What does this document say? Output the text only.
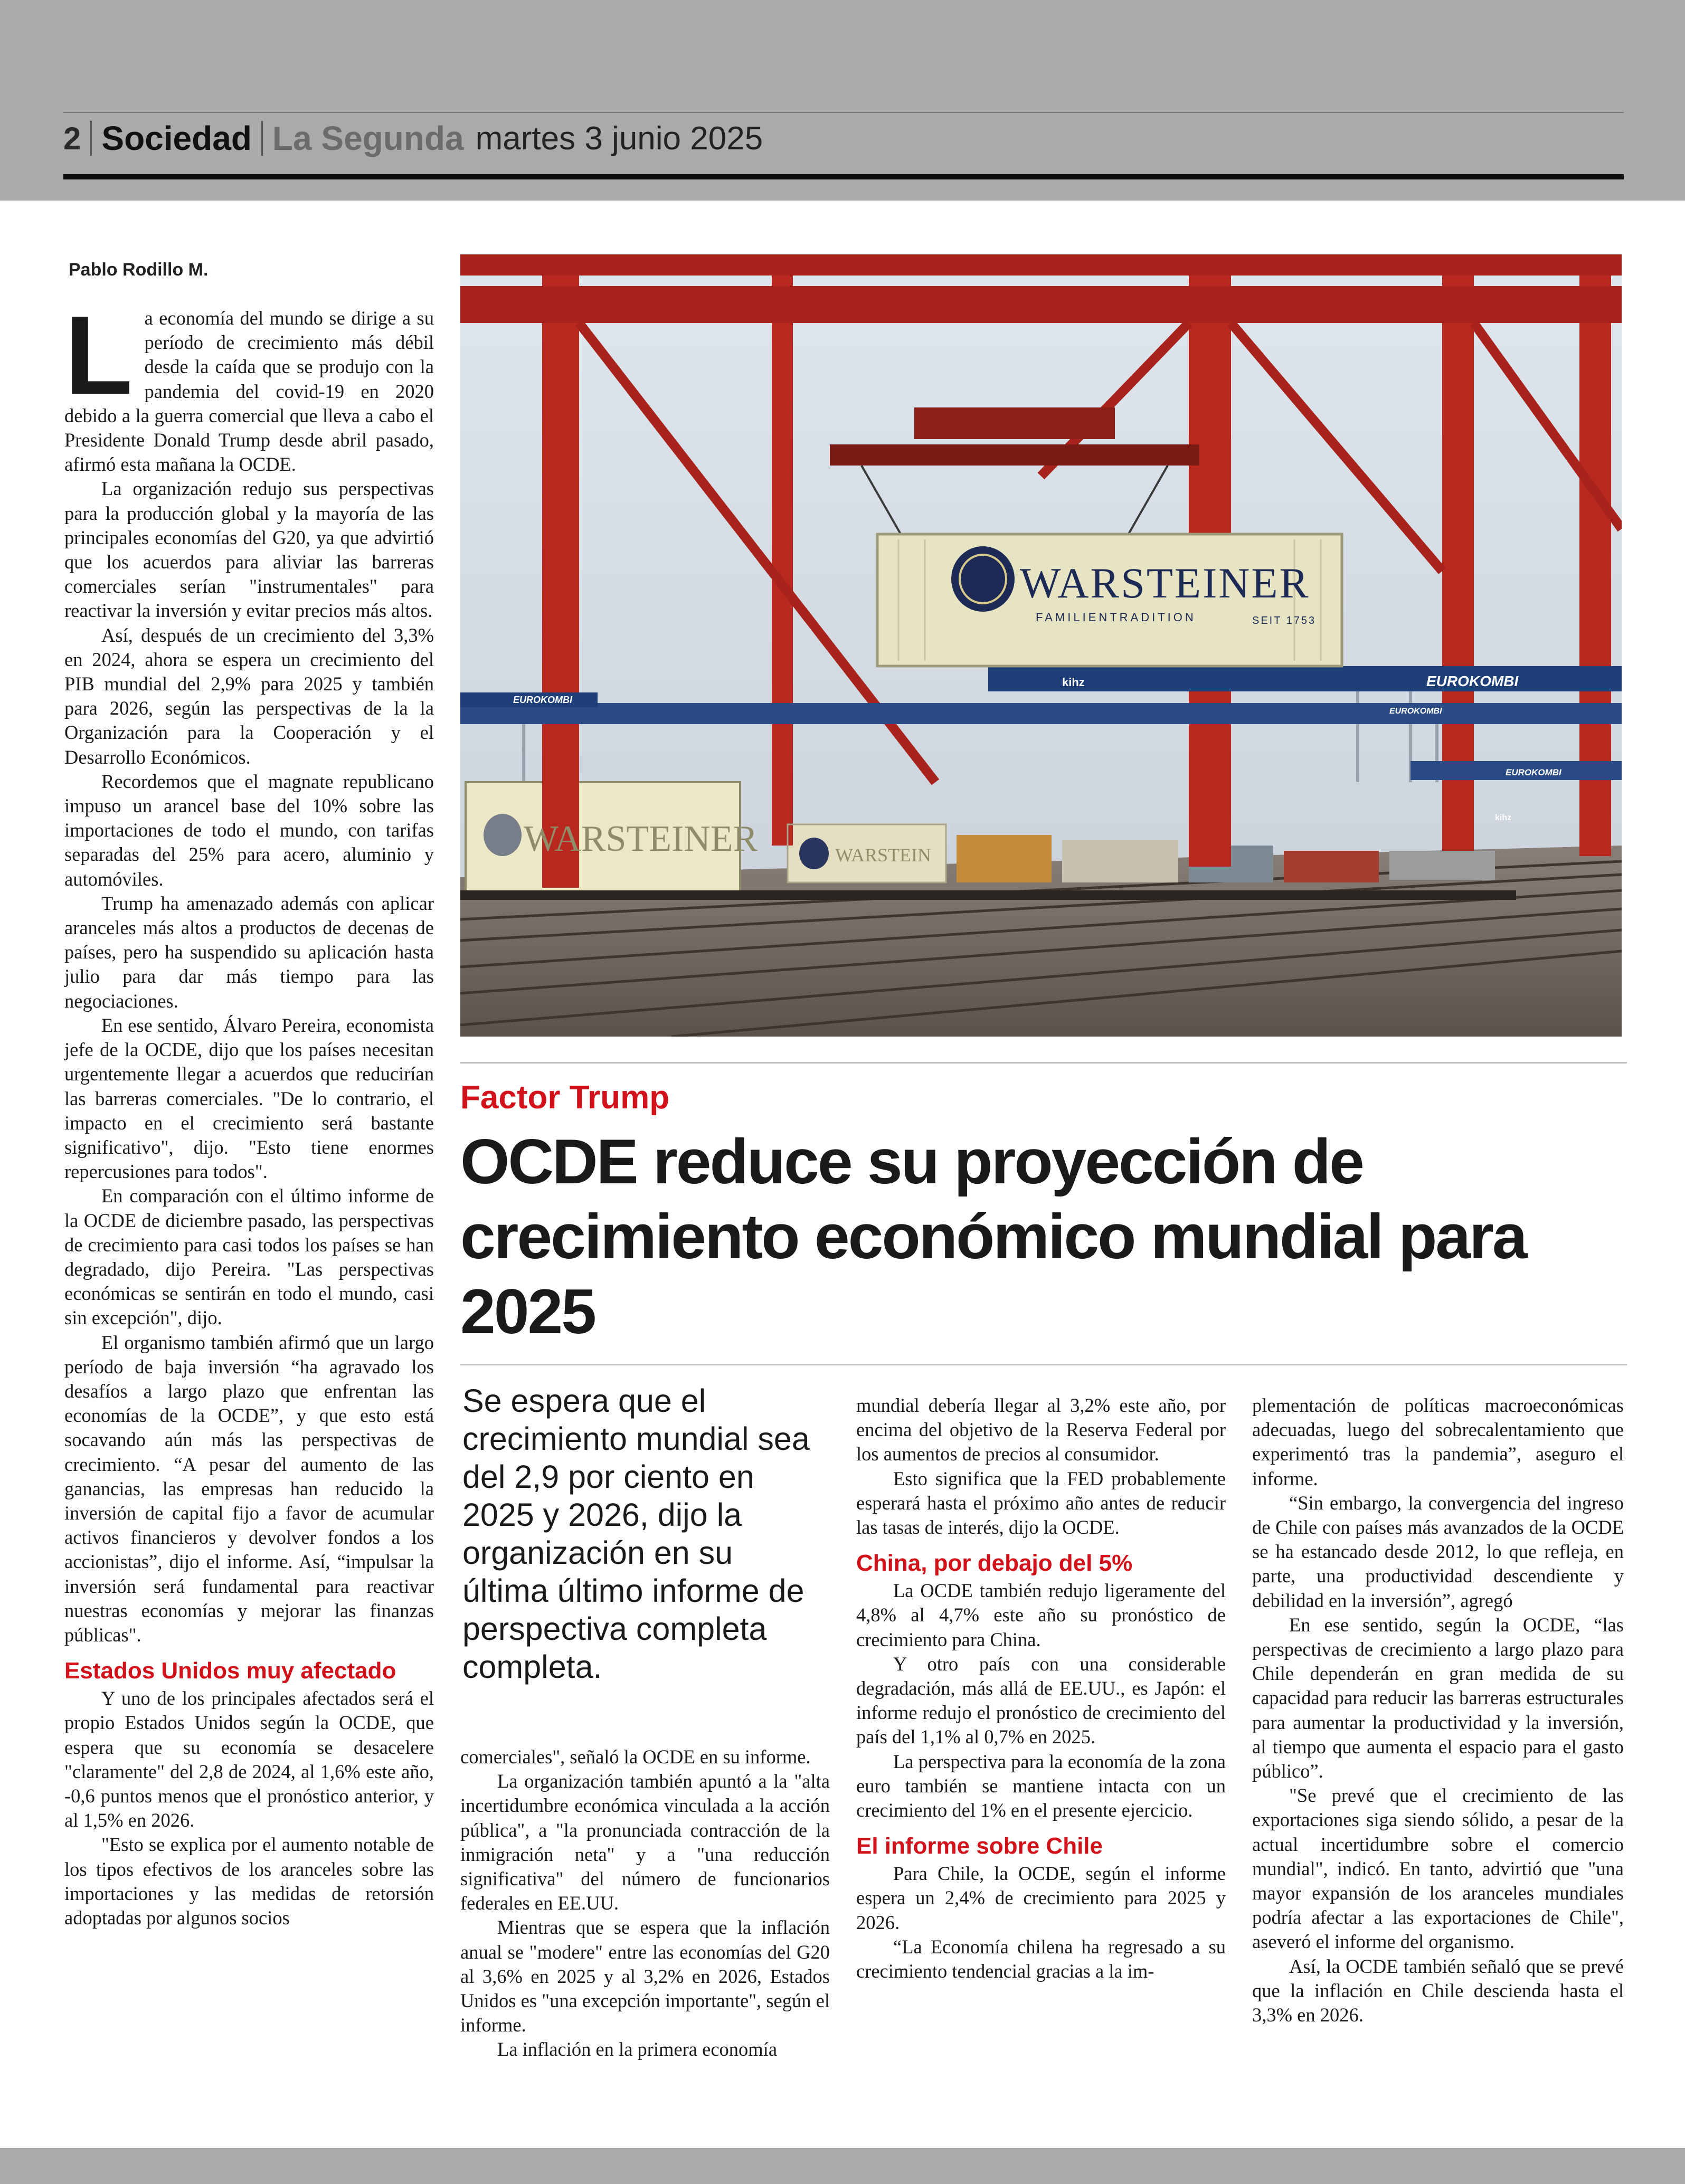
2 Sociedad La Segunda martes 3 junio 2025
Pablo Rodillo M.

La economía del mundo se dirige a su período de crecimiento más débil desde la caída que se produjo con la pandemia del covid-19 en 2020 debido a la guerra comercial que lleva a cabo el Presidente Donald Trump desde abril pasado, afirmó esta mañana la OCDE.

La organización redujo sus perspectivas para la producción global y la mayoría de las principales economías del G20, ya que advirtió que los acuerdos para aliviar las barreras comerciales serían "instrumentales" para reactivar la inversión y evitar precios más altos.

Así, después de un crecimiento del 3,3% en 2024, ahora se espera un crecimiento del PIB mundial del 2,9% para 2025 y también para 2026, según las perspectivas de la la Organización para la Cooperación y el Desarrollo Económicos.

Recordemos que el magnate republicano impuso un arancel base del 10% sobre las importaciones de todo el mundo, con tarifas separadas del 25% para acero, aluminio y automóviles.

Trump ha amenazado además con aplicar aranceles más altos a productos de decenas de países, pero ha suspendido su aplicación hasta julio para dar más tiempo para las negociaciones.

En ese sentido, Álvaro Pereira, economista jefe de la OCDE, dijo que los países necesitan urgentemente llegar a acuerdos que reducirían las barreras comerciales. "De lo contrario, el impacto en el crecimiento será bastante significativo", dijo. "Esto tiene enormes repercusiones para todos".

En comparación con el último informe de la OCDE de diciembre pasado, las perspectivas de crecimiento para casi todos los países se han degradado, dijo Pereira. "Las perspectivas económicas se sentirán en todo el mundo, casi sin excepción", dijo.

El organismo también afirmó que un largo período de baja inversión “ha agravado los desafíos a largo plazo que enfrentan las economías de la OCDE”, y que esto está socavando aún más las perspectivas de crecimiento. “A pesar del aumento de las ganancias, las empresas han reducido la inversión de capital fijo a favor de acumular activos financieros y devolver fondos a los accionistas”, dijo el informe. Así, “impulsar la inversión será fundamental para reactivar nuestras economías y mejorar las finanzas públicas".

Estados Unidos muy afectado

Y uno de los principales afectados será el propio Estados Unidos según la OCDE, que espera que su economía se desacelere "claramente" del 2,8 de 2024, al 1,6% este año, -0,6 puntos menos que el pronóstico anterior, y al 1,5% en 2026.

"Esto se explica por el aumento notable de los tipos efectivos de los aranceles sobre las importaciones y las medidas de retorsión adoptadas por algunos socios

WARSTEINER
FAMILIENTRADITION	SEIT 1753
WARSTEINER	WARSTEIN
EUROKOMBI
EUROKOMBI
EUROKOMBI
EUROKOMBI
kihz
kihz
Factor Trump
OCDE reduce su proyección de crecimiento económico mundial para 2025
Se espera que el crecimiento mundial sea del 2,9 por ciento en 2025 y 2026, dijo la organización en su última último informe de perspectiva completa completa.

comerciales", señaló la OCDE en su informe.

La organización también apuntó a la "alta incertidumbre económica vinculada a la acción pública", a "la pronunciada contracción de la inmigración neta" y a "una reducción significativa" del número de funcionarios federales en EE.UU.

Mientras que se espera que la inflación anual se "modere" entre las economías del G20 al 3,6% en 2025 y al 3,2% en 2026, Estados Unidos es "una excepción importante", según el informe.

La inflación en la primera economía

mundial debería llegar al 3,2% este año, por encima del objetivo de la Reserva Federal por los aumentos de precios al consumidor.

Esto significa que la FED probablemente esperará hasta el próximo año antes de reducir las tasas de interés, dijo la OCDE.

China, por debajo del 5%

La OCDE también redujo ligeramente del 4,8% al 4,7% este año su pronóstico de crecimiento para China.

Y otro país con una considerable degradación, más allá de EE.UU., es Japón: el informe redujo el pronóstico de crecimiento del país del 1,1% al 0,7% en 2025.

La perspectiva para la economía de la zona euro también se mantiene intacta con un crecimiento del 1% en el presente ejercicio.

El informe sobre Chile

Para Chile, la OCDE, según el informe espera un 2,4% de crecimiento para 2025 y 2026.

“La Economía chilena ha regresado a su crecimiento tendencial gracias a la im-

plementación de políticas macroeconómicas adecuadas, luego del sobrecalentamiento que experimentó tras la pandemia”, aseguro el informe.

“Sin embargo, la convergencia del ingreso de Chile con países más avanzados de la OCDE se ha estancado desde 2012, lo que refleja, en parte, una productividad descendiente y debilidad en la inversión”, agregó

En ese sentido, según la OCDE, “las perspectivas de crecimiento a largo plazo para Chile dependerán en gran medida de su capacidad para reducir las barreras estructurales para aumentar la productividad y la inversión, al tiempo que aumenta el espacio para el gasto público”.

"Se prevé que el crecimiento de las exportaciones siga siendo sólido, a pesar de la actual incertidumbre sobre el comercio mundial", indicó. En tanto, advirtió que "una mayor expansión de los aranceles mundiales podría afectar a las exportaciones de Chile", aseveró el informe del organismo.

Así, la OCDE también señaló que se prevé que la inflación en Chile descienda hasta el 3,3% en 2026.
